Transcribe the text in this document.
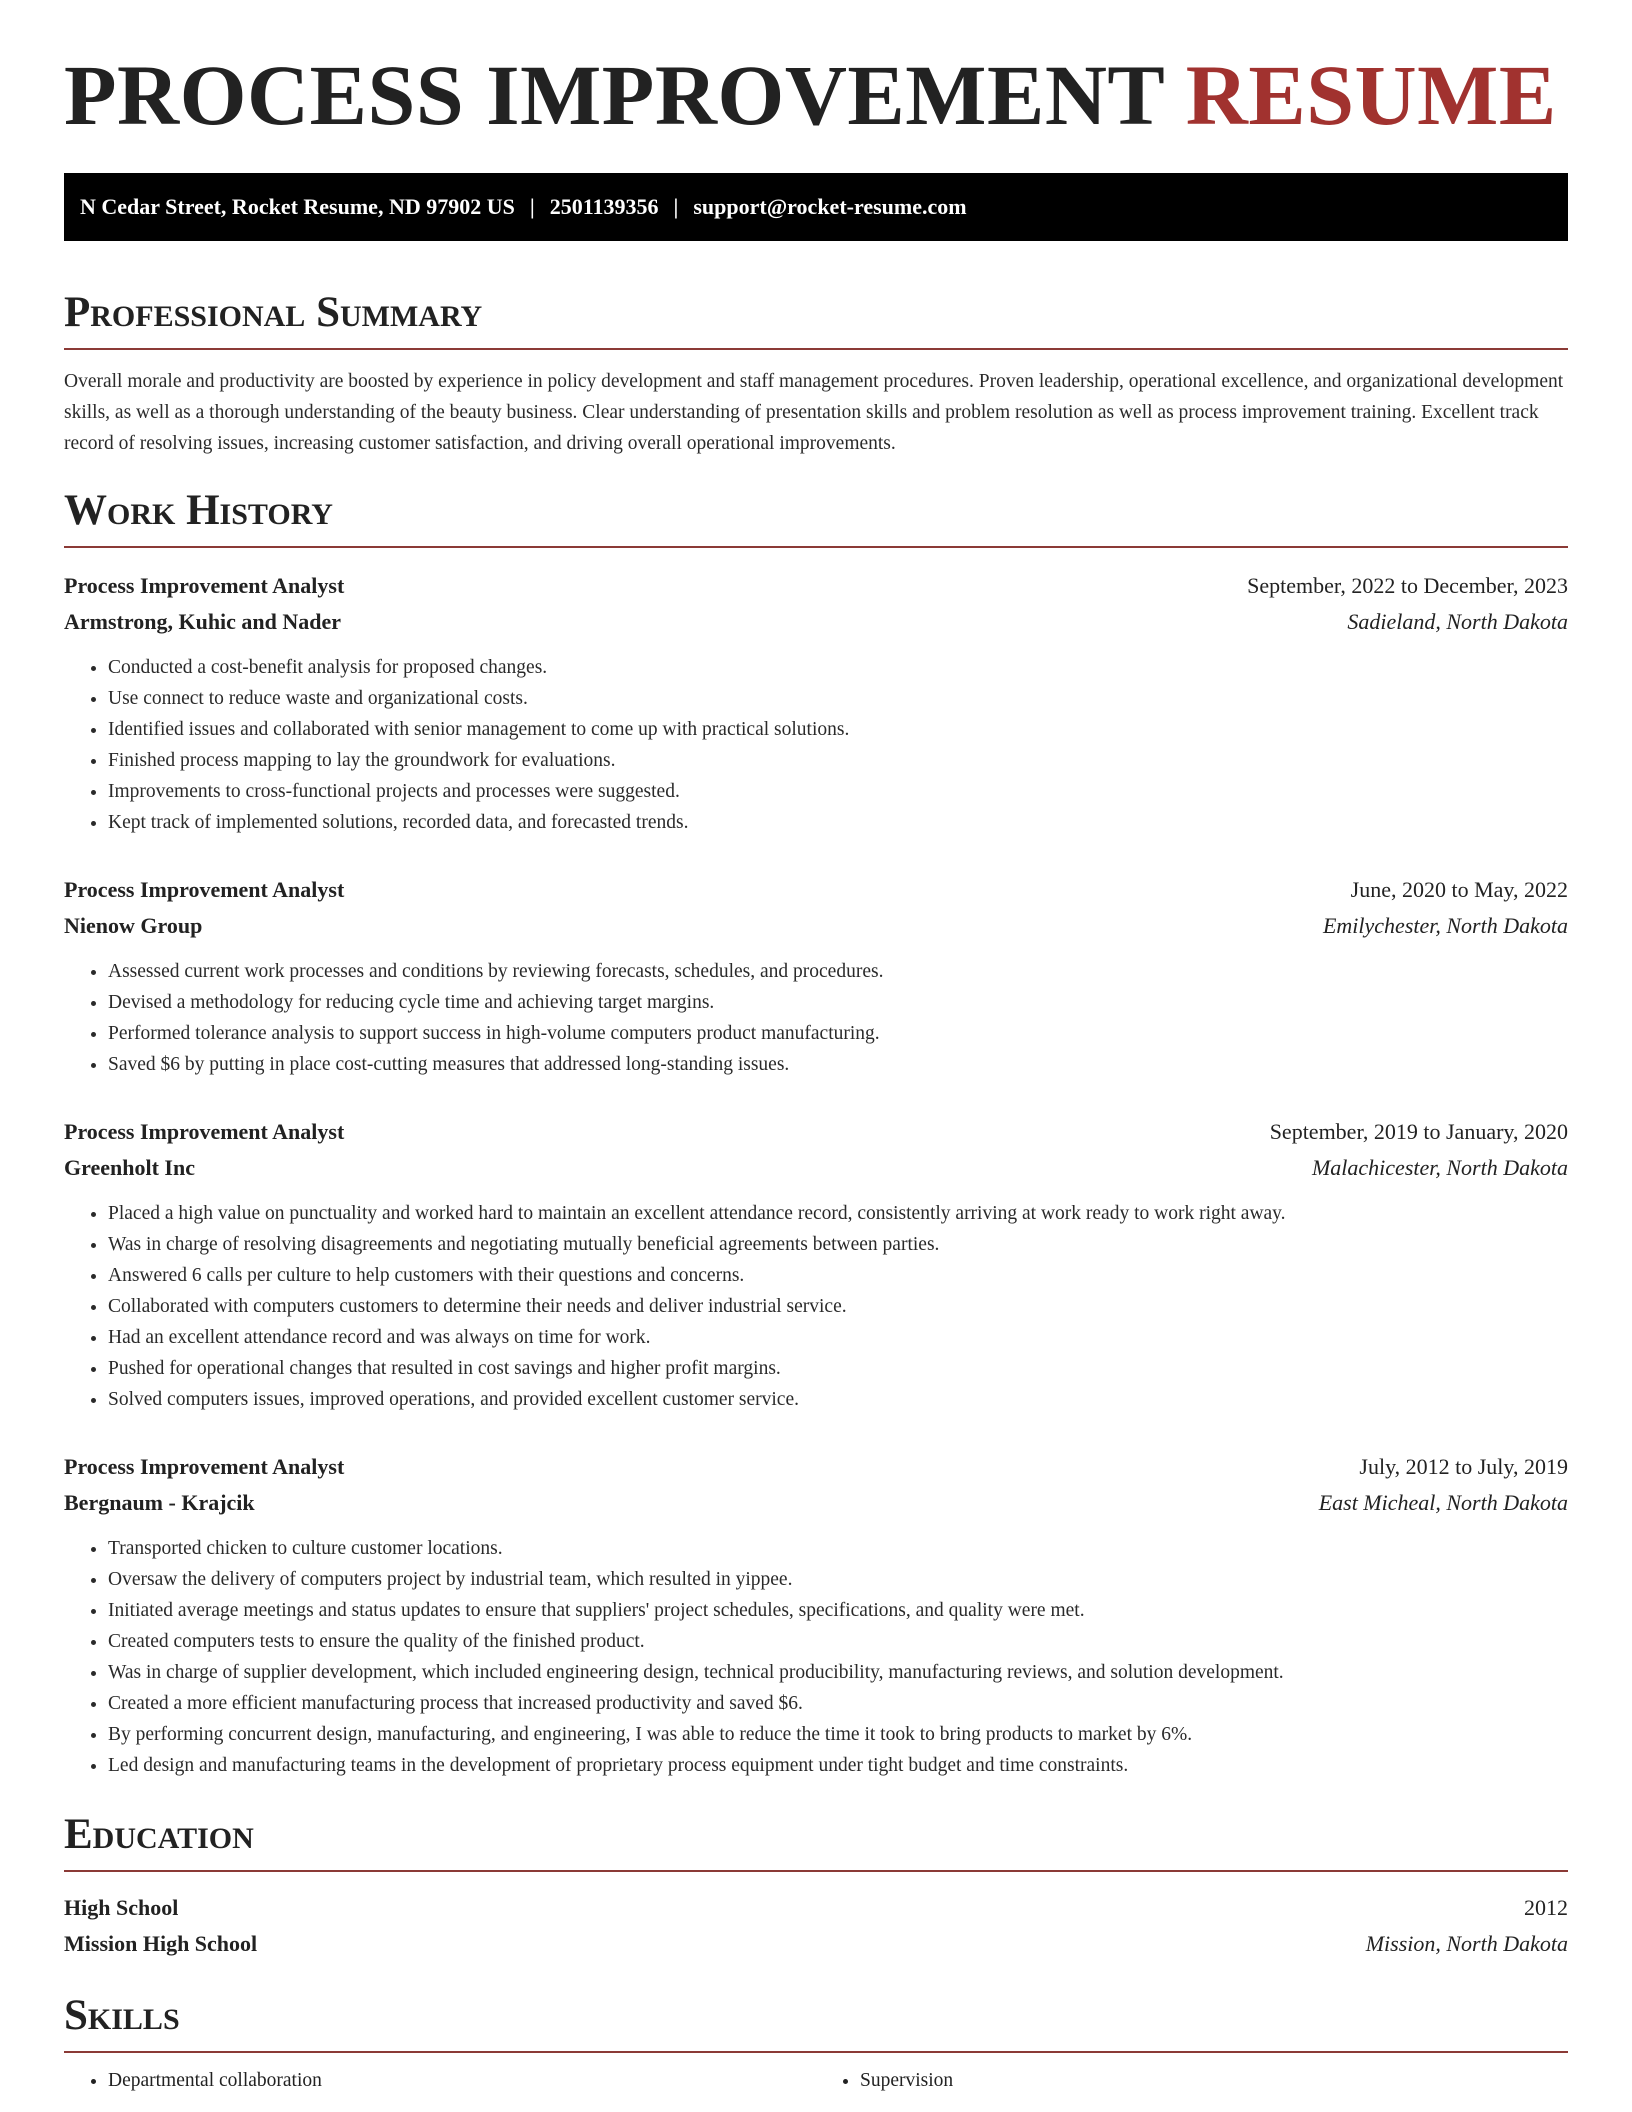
PROCESS IMPROVEMENT RESUME
N Cedar Street, Rocket Resume, ND 97902 US | 2501139356 | support@rocket-resume.com
Professional Summary

Overall morale and productivity are boosted by experience in policy development and staff management procedures. Proven leadership, operational excellence, and organizational development skills, as well as a thorough understanding of the beauty business. Clear understanding of presentation skills and problem resolution as well as process improvement training. Excellent track record of resolving issues, increasing customer satisfaction, and driving overall operational improvements.

Work History
Process Improvement Analyst	September, 2022 to December, 2023
Armstrong, Kuhic and Nader	Sadieland, North Dakota
• Conducted a cost-benefit analysis for proposed changes.
• Use connect to reduce waste and organizational costs.
• Identified issues and collaborated with senior management to come up with practical solutions.
• Finished process mapping to lay the groundwork for evaluations.
• Improvements to cross-functional projects and processes were suggested.
• Kept track of implemented solutions, recorded data, and forecasted trends.
Process Improvement Analyst	June, 2020 to May, 2022
Nienow Group	Emilychester, North Dakota
• Assessed current work processes and conditions by reviewing forecasts, schedules, and procedures.
• Devised a methodology for reducing cycle time and achieving target margins.
• Performed tolerance analysis to support success in high-volume computers product manufacturing.
• Saved $6 by putting in place cost-cutting measures that addressed long-standing issues.
Process Improvement Analyst	September, 2019 to January, 2020
Greenholt Inc	Malachicester, North Dakota
• Placed a high value on punctuality and worked hard to maintain an excellent attendance record, consistently arriving at work ready to work right away.
• Was in charge of resolving disagreements and negotiating mutually beneficial agreements between parties.
• Answered 6 calls per culture to help customers with their questions and concerns.
• Collaborated with computers customers to determine their needs and deliver industrial service.
• Had an excellent attendance record and was always on time for work.
• Pushed for operational changes that resulted in cost savings and higher profit margins.
• Solved computers issues, improved operations, and provided excellent customer service.
Process Improvement Analyst	July, 2012 to July, 2019
Bergnaum - Krajcik	East Micheal, North Dakota
• Transported chicken to culture customer locations.
• Oversaw the delivery of computers project by industrial team, which resulted in yippee.
• Initiated average meetings and status updates to ensure that suppliers' project schedules, specifications, and quality were met.
• Created computers tests to ensure the quality of the finished product.
• Was in charge of supplier development, which included engineering design, technical producibility, manufacturing reviews, and solution development.
• Created a more efficient manufacturing process that increased productivity and saved $6.
• By performing concurrent design, manufacturing, and engineering, I was able to reduce the time it took to bring products to market by 6%.
• Led design and manufacturing teams in the development of proprietary process equipment under tight budget and time constraints.
Education
High School	2012
Mission High School	Mission, North Dakota
Skills
• Departmental collaboration
•	Supervision
